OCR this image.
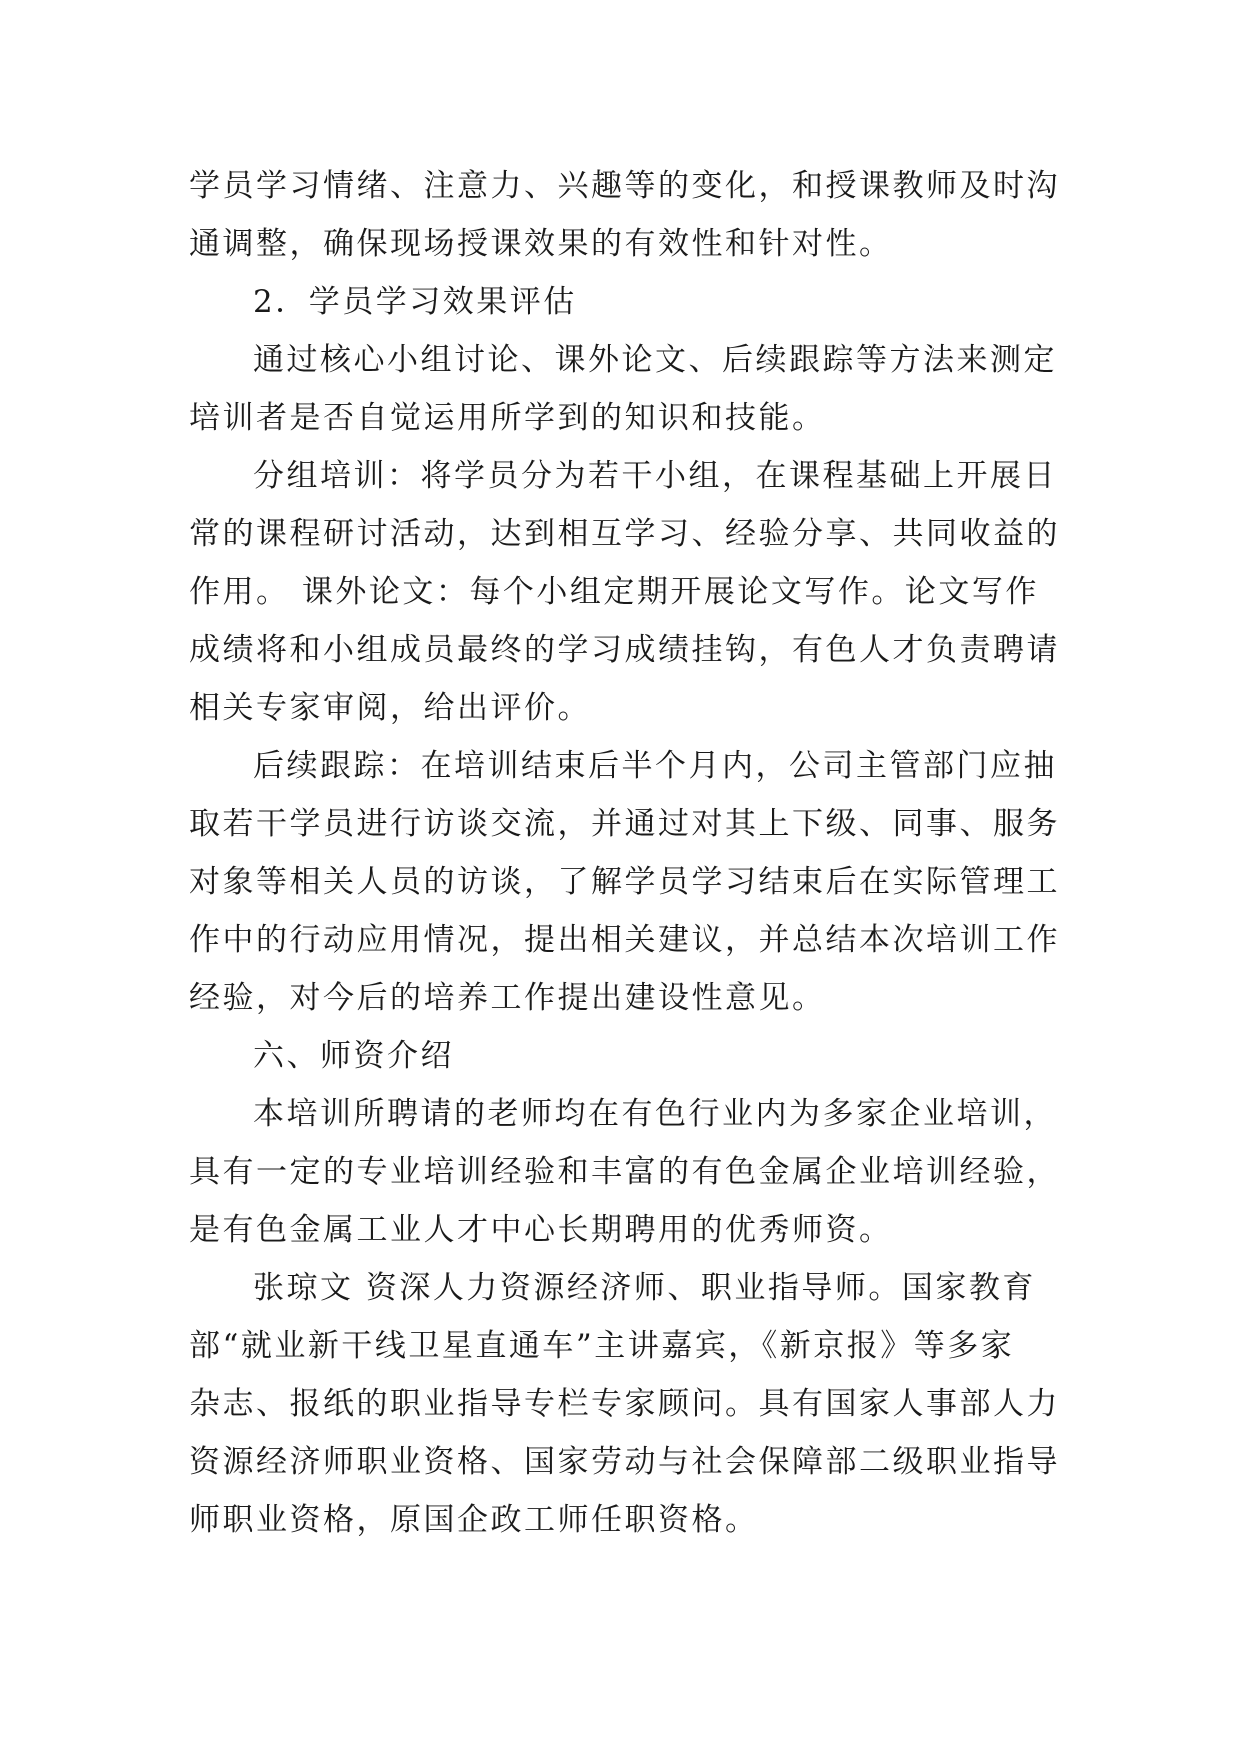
学员学习情绪、注意力、兴趣等的变化，和授课教师及时沟
通调整，确保现场授课效果的有效性和针对性。
2．学员学习效果评估
通过核心小组讨论、课外论文、后续跟踪等方法来测定
培训者是否自觉运用所学到的知识和技能。
分组培训：将学员分为若干小组，在课程基础上开展日
常的课程研讨活动，达到相互学习、经验分享、共同收益的
作用。 课外论文：每个小组定期开展论文写作。论文写作
成绩将和小组成员最终的学习成绩挂钩，有色人才负责聘请
相关专家审阅，给出评价。
后续跟踪：在培训结束后半个月内，公司主管部门应抽
取若干学员进行访谈交流，并通过对其上下级、同事、服务
对象等相关人员的访谈，了解学员学习结束后在实际管理工
作中的行动应用情况，提出相关建议，并总结本次培训工作
经验，对今后的培养工作提出建设性意见。
六、师资介绍
本培训所聘请的老师均在有色行业内为多家企业培训，
具有一定的专业培训经验和丰富的有色金属企业培训经验，
是有色金属工业人才中心长期聘用的优秀师资。
张琼文 资深人力资源经济师、职业指导师。国家教育
部“就业新干线卫星直通车”主讲嘉宾，《新京报》等多家
杂志、报纸的职业指导专栏专家顾问。具有国家人事部人力
资源经济师职业资格、国家劳动与社会保障部二级职业指导
师职业资格，原国企政工师任职资格。
